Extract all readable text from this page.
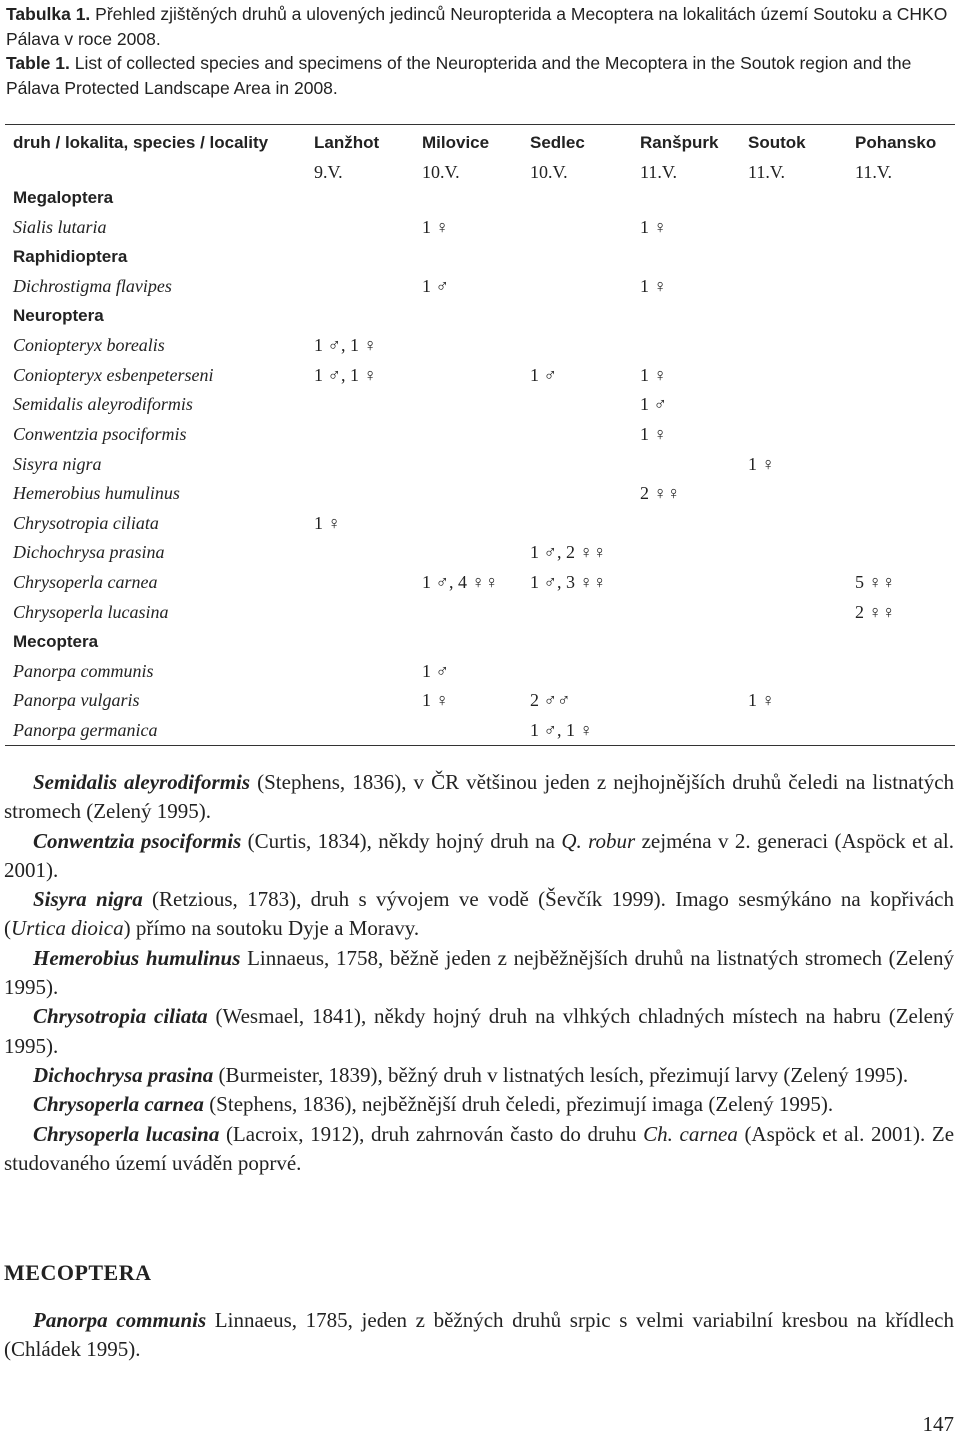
Tabulka 1. Přehled zjištěných druhů a ulovených jedinců Neuropterida a Mecoptera na lokalitách území Soutoku a CHKO Pálava v roce 2008.

Table 1. List of collected species and specimens of the Neuropterida and the Mecoptera in the Soutok region and the Pálava Protected Landscape Area in 2008.

druh / lokalita, species / locality	Lanžhot	Milovice	Sedlec	Ranšpurk	Soutok	Pohansko
	9.V.	10.V.	10.V.	11.V.	11.V.	11.V.
Megaloptera						
Sialis lutaria		1 ♀		1 ♀		
Raphidioptera						
Dichrostigma flavipes		1 ♂		1 ♀		
Neuroptera						
Coniopteryx borealis	1 ♂, 1 ♀					
Coniopteryx esbenpeterseni	1 ♂, 1 ♀		1 ♂	1 ♀		
Semidalis aleyrodiformis				1 ♂		
Conwentzia psociformis				1 ♀		
Sisyra nigra					1 ♀	
Hemerobius humulinus				2 ♀♀		
Chrysotropia ciliata	1 ♀					
Dichochrysa prasina			1 ♂, 2 ♀♀			
Chrysoperla carnea		1 ♂, 4 ♀♀	1 ♂, 3 ♀♀			5 ♀♀
Chrysoperla lucasina						2 ♀♀
Mecoptera						
Panorpa communis		1 ♂				
Panorpa vulgaris		1 ♀	2 ♂♂		1 ♀	
Panorpa germanica			1 ♂, 1 ♀			

Semidalis aleyrodiformis (Stephens, 1836), v ČR většinou jeden z nejhojnějších druhů čeledi na listnatých stromech (Zelený 1995).

Conwentzia psociformis (Curtis, 1834), někdy hojný druh na Q. robur zejména v 2. generaci (Aspöck et al. 2001).

Sisyra nigra (Retzious, 1783), druh s vývojem ve vodě (Ševčík 1999). Imago sesmýkáno na kopřivách (Urtica dioica) přímo na soutoku Dyje a Moravy.

Hemerobius humulinus Linnaeus, 1758, běžně jeden z nejběžnějších druhů na listnatých stromech (Zelený 1995).

Chrysotropia ciliata (Wesmael, 1841), někdy hojný druh na vlhkých chladných místech na habru (Zelený 1995).

Dichochrysa prasina (Burmeister, 1839), běžný druh v listnatých lesích, přezimují larvy (Zelený 1995).

Chrysoperla carnea (Stephens, 1836), nejběžnější druh čeledi, přezimují imaga (Zelený 1995).

Chrysoperla lucasina (Lacroix, 1912), druh zahrnován často do druhu Ch. carnea (Aspöck et al. 2001). Ze studovaného území uváděn poprvé.

MECOPTERA

Panorpa communis Linnaeus, 1785, jeden z běžných druhů srpic s velmi variabilní kresbou na křídlech (Chládek 1995).

147
